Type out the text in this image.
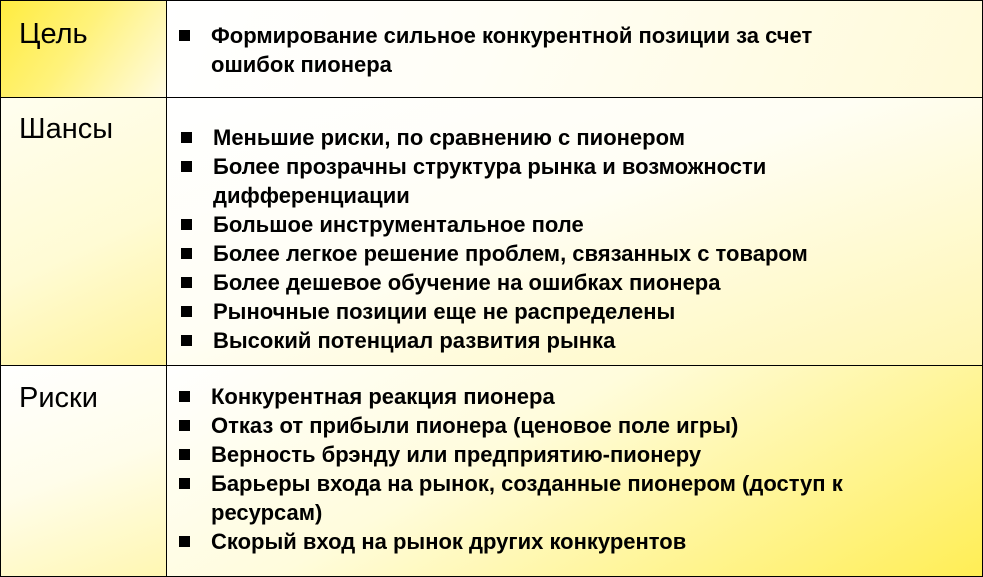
Цель	Формирование сильное конкурентной позиции за счет ошибок пионера
Шансы	Меньшие риски, по сравнению с пионером
Более прозрачны структура рынка и возможности дифференциации
Большое инструментальное поле
Более легкое решение проблем, связанных с товаром
Более дешевое обучение на ошибках пионера
Рыночные позиции еще не распределены
Высокий потенциал развития рынка
Риски	Конкурентная реакция пионера
Отказ от прибыли пионера (ценовое поле игры)
Верность брэнду или предприятию-пионеру
Барьеры входа на рынок, созданные пионером (доступ к ресурсам)
Скорый вход на рынок других конкурентов
